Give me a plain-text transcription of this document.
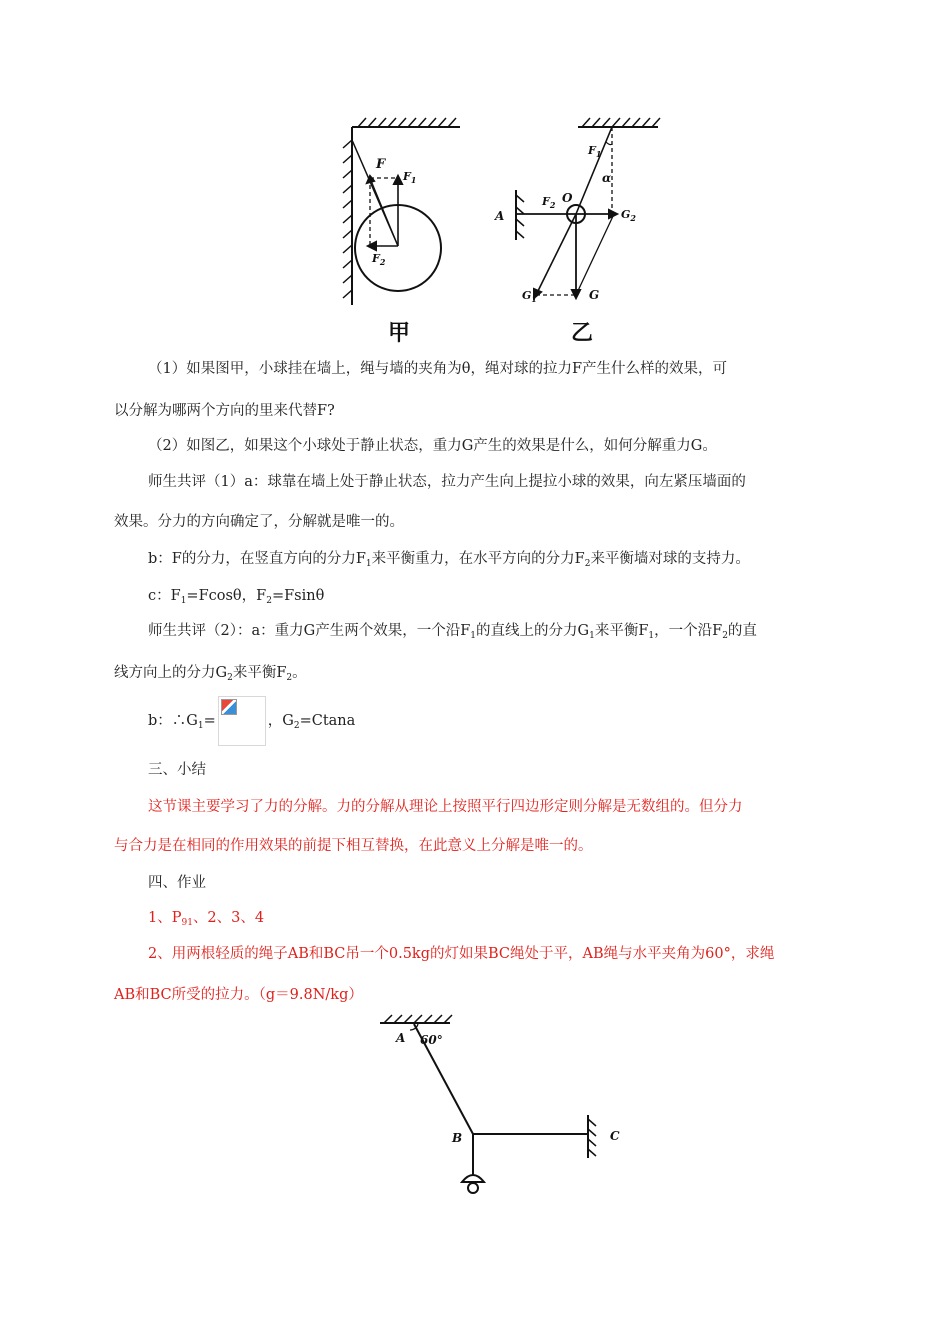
F
$F_1$
$F_2$
$F_1$
α
O
A
$F_2$
$G_2$
$G_1$	G
甲	乙
（1）如果图甲，小球挂在墙上，绳与墙的夹角为θ，绳对球的拉力F产生什么样的效果，可
以分解为哪两个方向的里来代替F?
（2）如图乙，如果这个小球处于静止状态，重力G产生的效果是什么，如何分解重力G。
师生共评（1）a：球靠在墙上处于静止状态，拉力产生向上提拉小球的效果，向左紧压墙面的
效果。分力的方向确定了，分解就是唯一的。
b：F的分力，在竖直方向的分力$F_1$来平衡重力，在水平方向的分力$F_2$来平衡墙对球的支持力。
c：$F_1=Fcos\theta$，$F_2=Fsin\theta$
师生共评（2）：a：重力G产生两个效果，一个沿$F_1$的直线上的分力$G_1$来平衡$F_1$，一个沿$F_2$的直
线方向上的分力$G_2$来平衡$F_2$。
b：$\therefore G_1=$	，$G_2=Ctana$
三、小结
这节课主要学习了力的分解。力的分解从理论上按照平行四边形定则分解是无数组的。但分力
与合力是在相同的作用效果的前提下相互替换，在此意义上分解是唯一的。
四、作业
1、$P_{91}$、2、3、4
2、用两根轻质的绳子AB和BC吊一个0.5kg的灯如果BC绳处于平，AB绳与水平夹角为60°，求绳
AB和BC所受的拉力。（g＝9.8N/kg）
A 60°
B	C
